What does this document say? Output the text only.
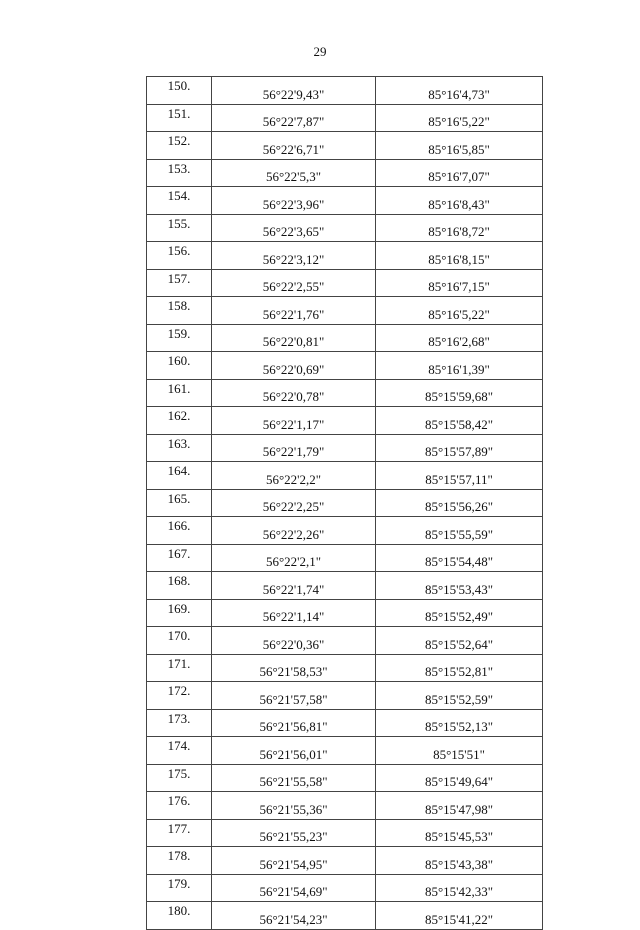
29
150.	56°22'9,43"	85°16'4,73"
151.	56°22'7,87"	85°16'5,22"
152.	56°22'6,71"	85°16'5,85"
153.	56°22'5,3"	85°16'7,07"
154.	56°22'3,96"	85°16'8,43"
155.	56°22'3,65"	85°16'8,72"
156.	56°22'3,12"	85°16'8,15"
157.	56°22'2,55"	85°16'7,15"
158.	56°22'1,76"	85°16'5,22"
159.	56°22'0,81"	85°16'2,68"
160.	56°22'0,69"	85°16'1,39"
161.	56°22'0,78"	85°15'59,68"
162.	56°22'1,17"	85°15'58,42"
163.	56°22'1,79"	85°15'57,89"
164.	56°22'2,2"	85°15'57,11"
165.	56°22'2,25"	85°15'56,26"
166.	56°22'2,26"	85°15'55,59"
167.	56°22'2,1"	85°15'54,48"
168.	56°22'1,74"	85°15'53,43"
169.	56°22'1,14"	85°15'52,49"
170.	56°22'0,36"	85°15'52,64"
171.	56°21'58,53"	85°15'52,81"
172.	56°21'57,58"	85°15'52,59"
173.	56°21'56,81"	85°15'52,13"
174.	56°21'56,01"	85°15'51"
175.	56°21'55,58"	85°15'49,64"
176.	56°21'55,36"	85°15'47,98"
177.	56°21'55,23"	85°15'45,53"
178.	56°21'54,95"	85°15'43,38"
179.	56°21'54,69"	85°15'42,33"
180.	56°21'54,23"	85°15'41,22"
